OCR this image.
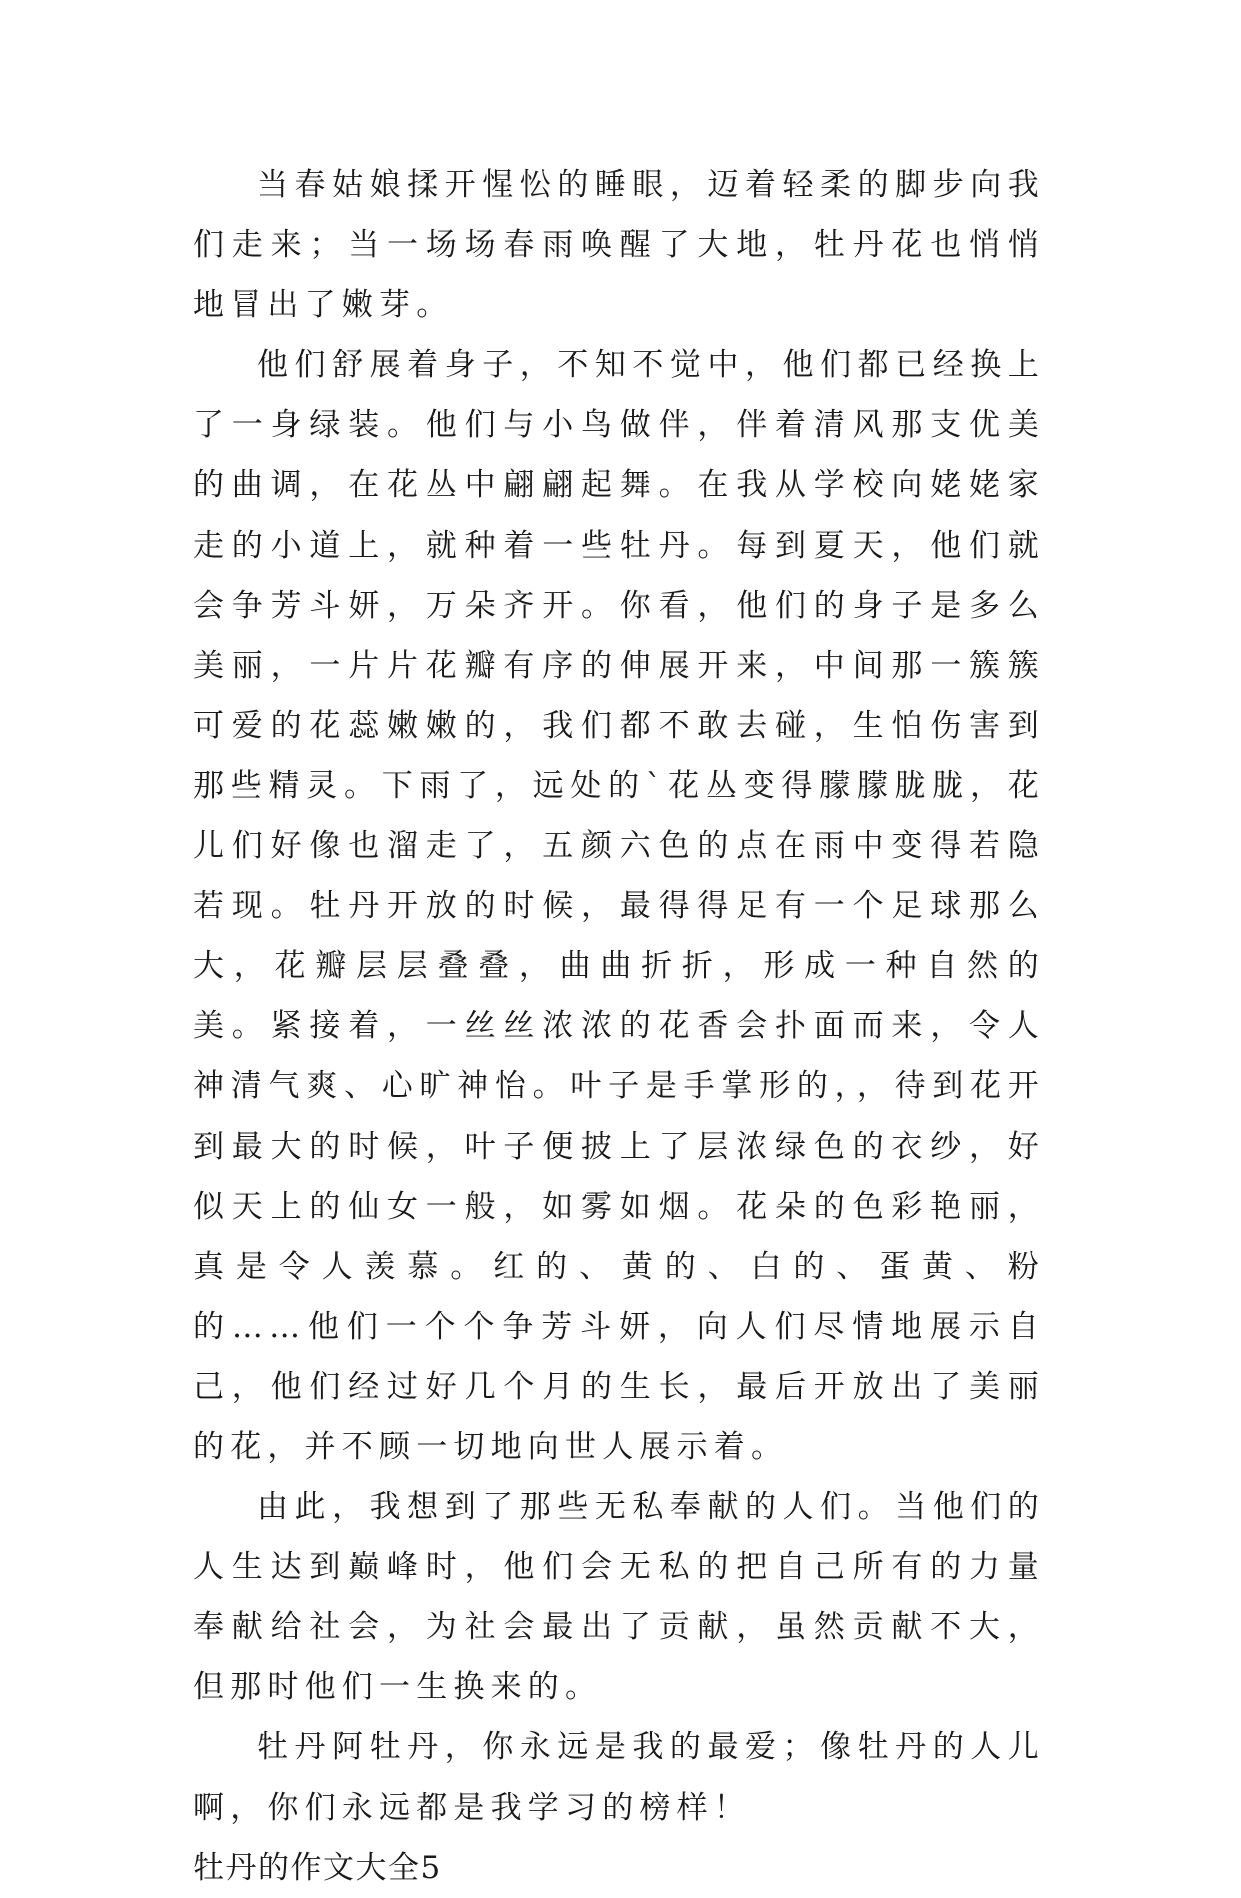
当春姑娘揉开惺忪的睡眼，迈着轻柔的脚步向我们走来；当一场场春雨唤醒了大地，牡丹花也悄悄地冒出了嫩芽。

他们舒展着身子，不知不觉中，他们都已经换上了一身绿装。他们与小鸟做伴，伴着清风那支优美的曲调，在花丛中翩翩起舞。在我从学校向姥姥家走的小道上，就种着一些牡丹。每到夏天，他们就会争芳斗妍，万朵齐开。你看，他们的身子是多么美丽，一片片花瓣有序的伸展开来，中间那一簇簇可爱的花蕊嫩嫩的，我们都不敢去碰，生怕伤害到那些精灵。下雨了，远处的`花丛变得朦朦胧胧，花儿们好像也溜走了，五颜六色的点在雨中变得若隐若现。牡丹开放的时候，最得得足有一个足球那么大，花瓣层层叠叠，曲曲折折，形成一种自然的美。紧接着，一丝丝浓浓的花香会扑面而来，令人神清气爽、心旷神怡。叶子是手掌形的，，待到花开到最大的时候，叶子便披上了层浓绿色的衣纱，好似天上的仙女一般，如雾如烟。花朵的色彩艳丽，真是令人羡慕。红的、黄的、白的、蛋黄、粉的……他们一个个争芳斗妍，向人们尽情地展示自己，他们经过好几个月的生长，最后开放出了美丽的花，并不顾一切地向世人展示着。

由此，我想到了那些无私奉献的人们。当他们的人生达到巅峰时，他们会无私的把自己所有的力量奉献给社会，为社会最出了贡献，虽然贡献不大，但那时他们一生换来的。

牡丹阿牡丹，你永远是我的最爱；像牡丹的人儿啊，你们永远都是我学习的榜样！

牡丹的作文大全5
